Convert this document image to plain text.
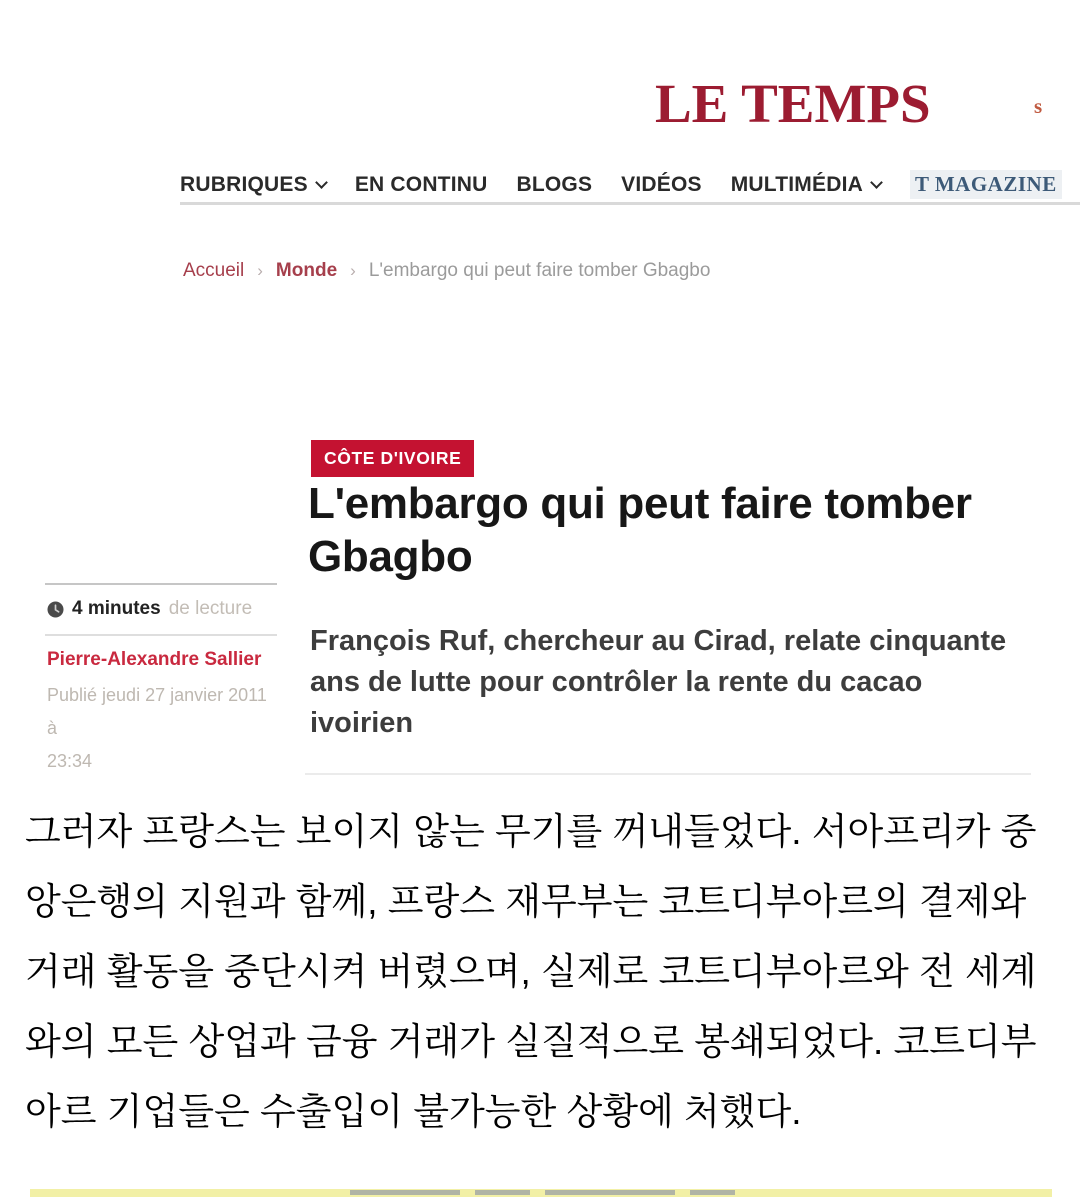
LE TEMPS	s
RUBRIQUES EN CONTINU BLOGS VIDÉOS MULTIMÉDIA T MAGAZINE
Accueil › Monde › L'embargo qui peut faire tomber Gbagbo
CÔTE D'IVOIRE
L'embargo qui peut faire tomber Gbagbo
François Ruf, chercheur au Cirad, relate cinquante ans de lutte pour contrôler la rente du cacao ivoirien
4 minutes de lecture
Pierre-Alexandre Sallier
Publié jeudi 27 janvier 2011 à
23:34
그러자 프랑스는 보이지 않는 무기를 꺼내들었다. 서아프리카 중앙은행의 지원과 함께, 프랑스 재무부는 코트디부아르의 결제와 거래 활동을 중단시켜 버렸으며, 실제로 코트디부아르와 전 세계와의 모든 상업과 금융 거래가 실질적으로 봉쇄되었다. 코트디부아르 기업들은 수출입이 불가능한 상황에 처했다.
